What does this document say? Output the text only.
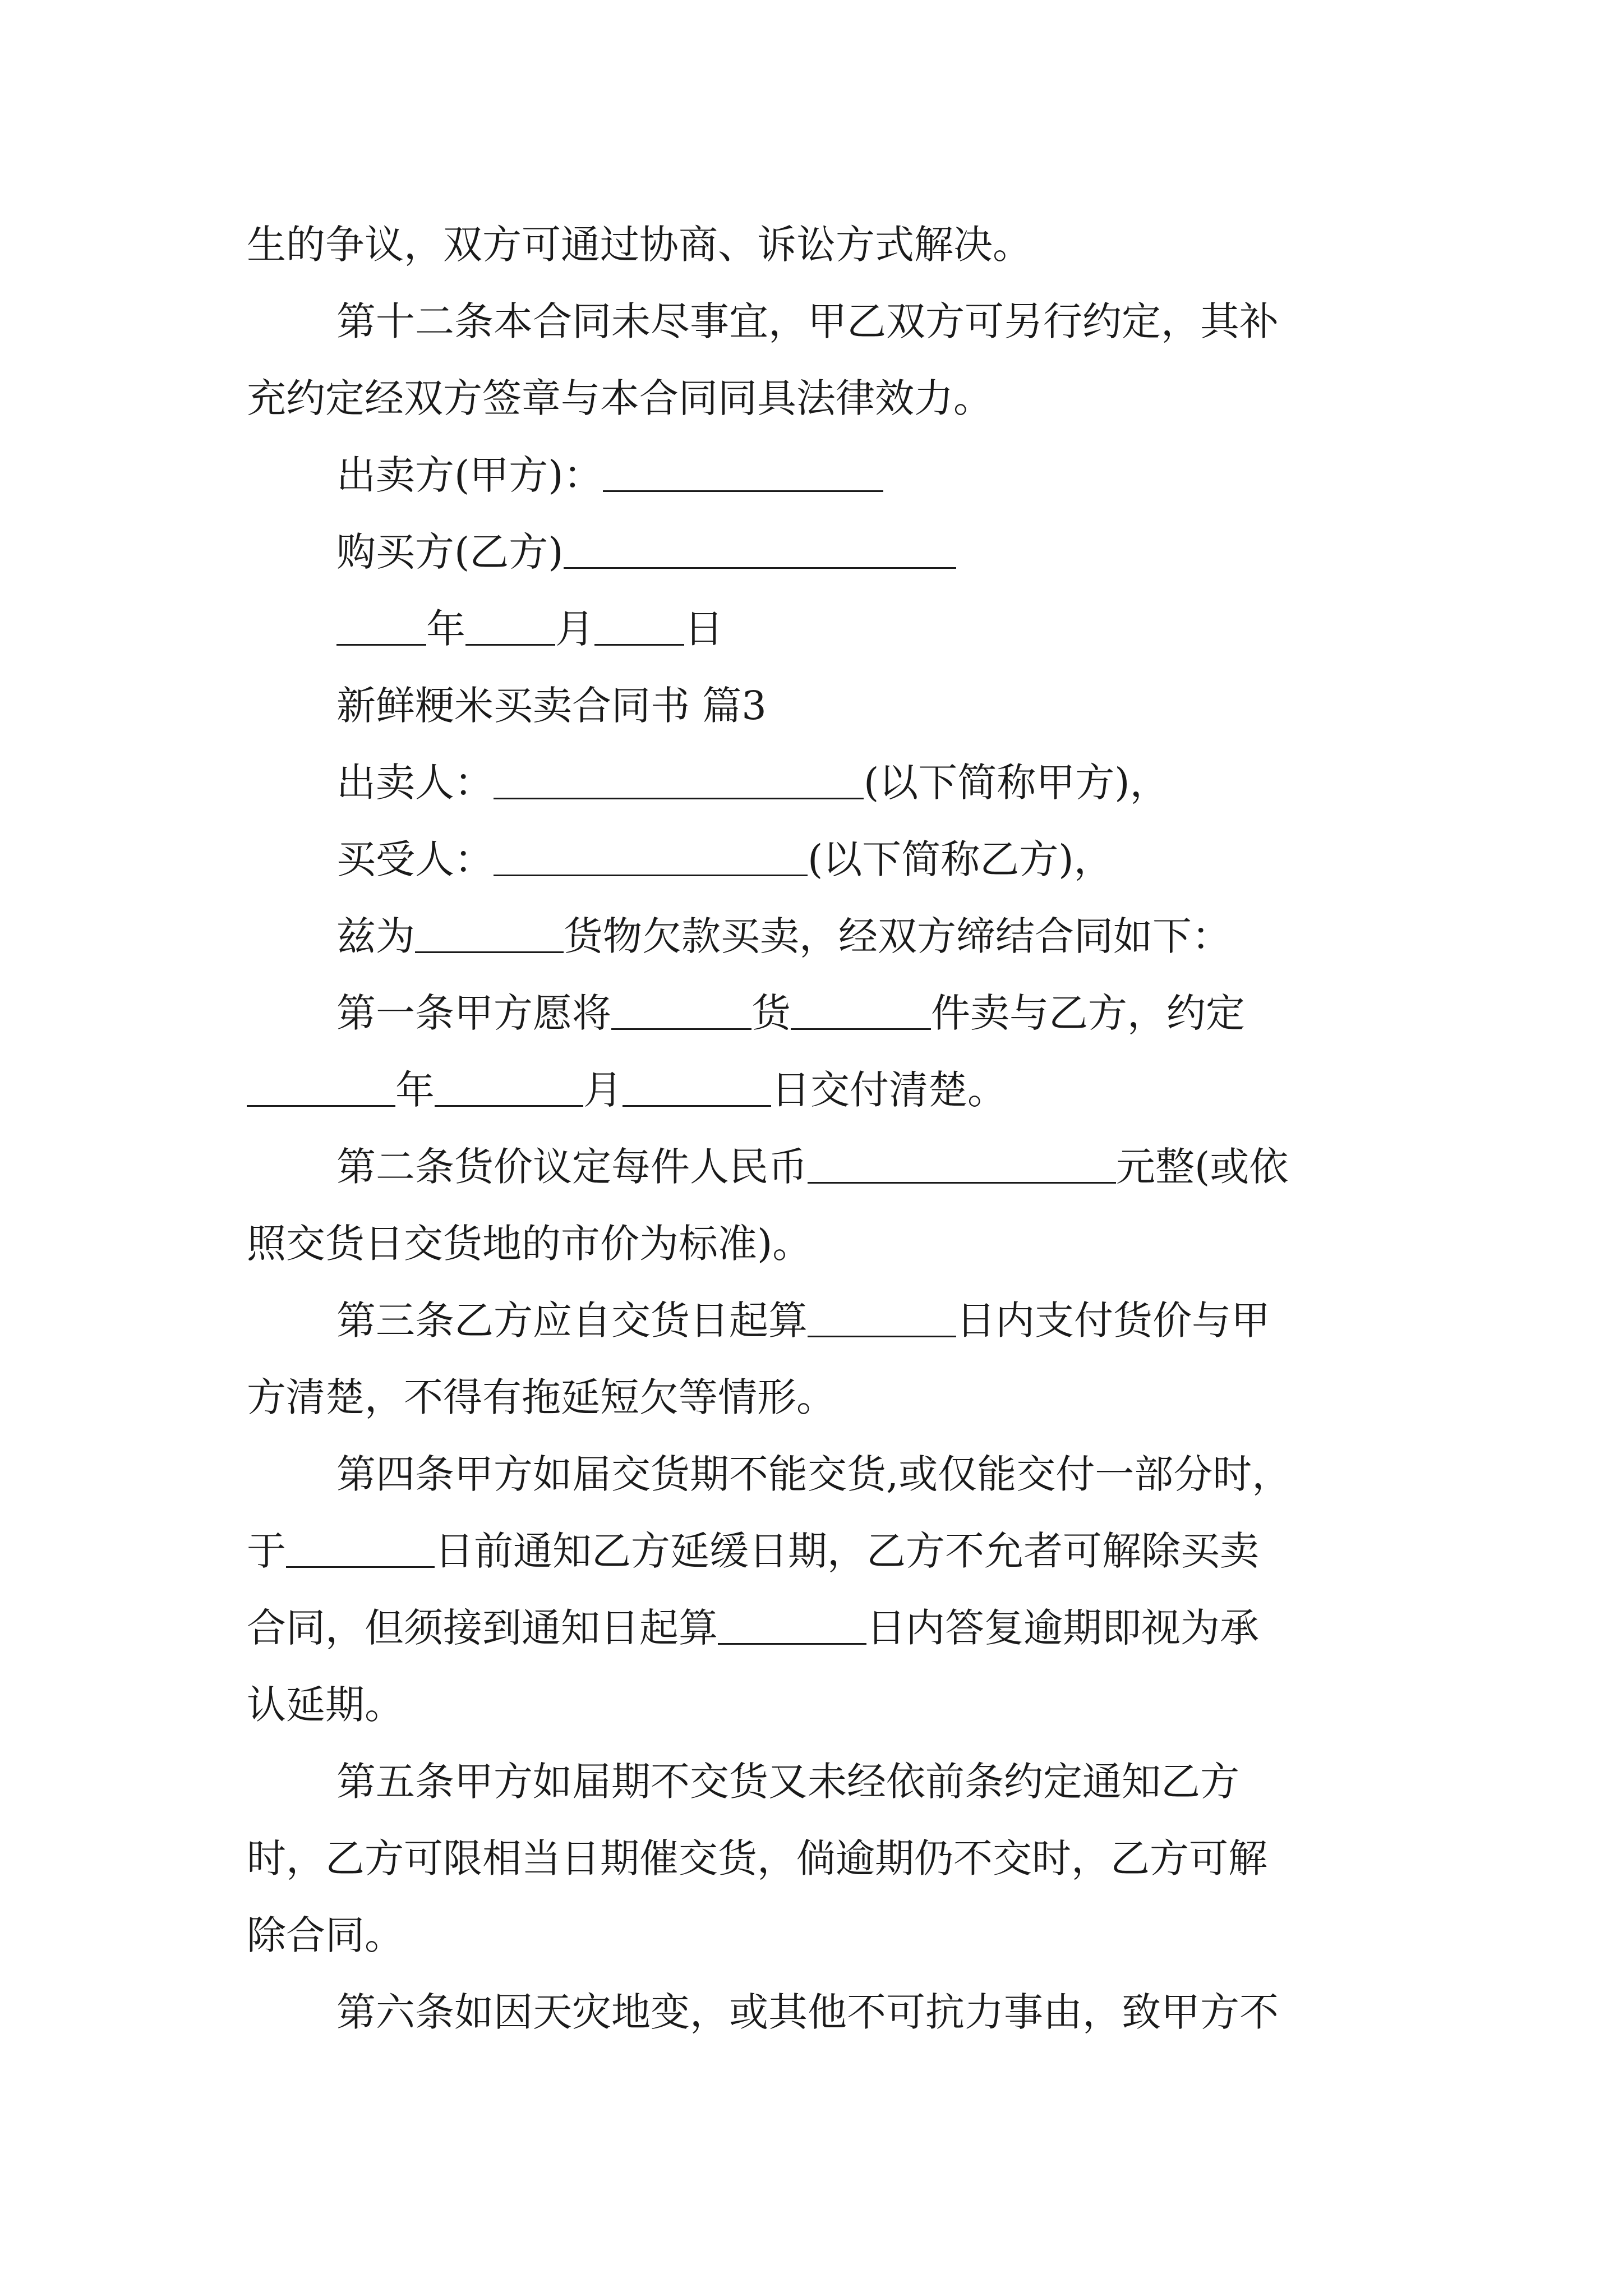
生的争议，双方可通过协商、诉讼方式解决。
第十二条本合同未尽事宜，甲乙双方可另行约定，其补
充约定经双方签章与本合同同具法律效力。
出卖方(甲方)：
购买方(乙方)
年 月 日
新鲜粳米买卖合同书 篇3
出卖人：	(以下简称甲方)，
买受人：	(以下简称乙方)，
兹为	货物欠款买卖，经双方缔结合同如下：
第一条甲方愿将	货	件卖与乙方，约定
年	月	日交付清楚。
第二条货价议定每件人民币	元整(或依
照交货日交货地的市价为标准)。
第三条乙方应自交货日起算	日内支付货价与甲
方清楚，不得有拖延短欠等情形。
第四条甲方如届交货期不能交货,或仅能交付一部分时，
于	日前通知乙方延缓日期，乙方不允者可解除买卖
合同，但须接到通知日起算	日内答复逾期即视为承
认延期。
第五条甲方如届期不交货又未经依前条约定通知乙方
时，乙方可限相当日期催交货，倘逾期仍不交时，乙方可解
除合同。
第六条如因天灾地变，或其他不可抗力事由，致甲方不
